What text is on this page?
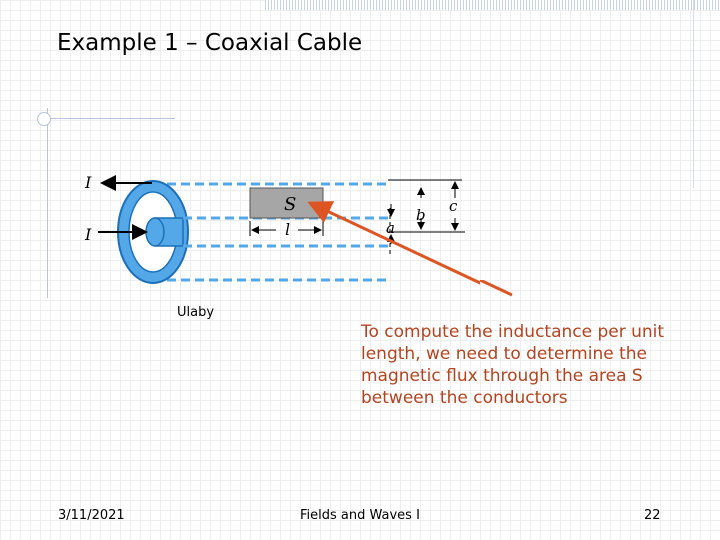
Example 1 – Coaxial Cable
S
l
I
I	a
b c
Ulaby
To compute the inductance per unit length, we need to determine the magnetic flux through the area S between the conductors
3/11/2021	Fields and Waves I	22
